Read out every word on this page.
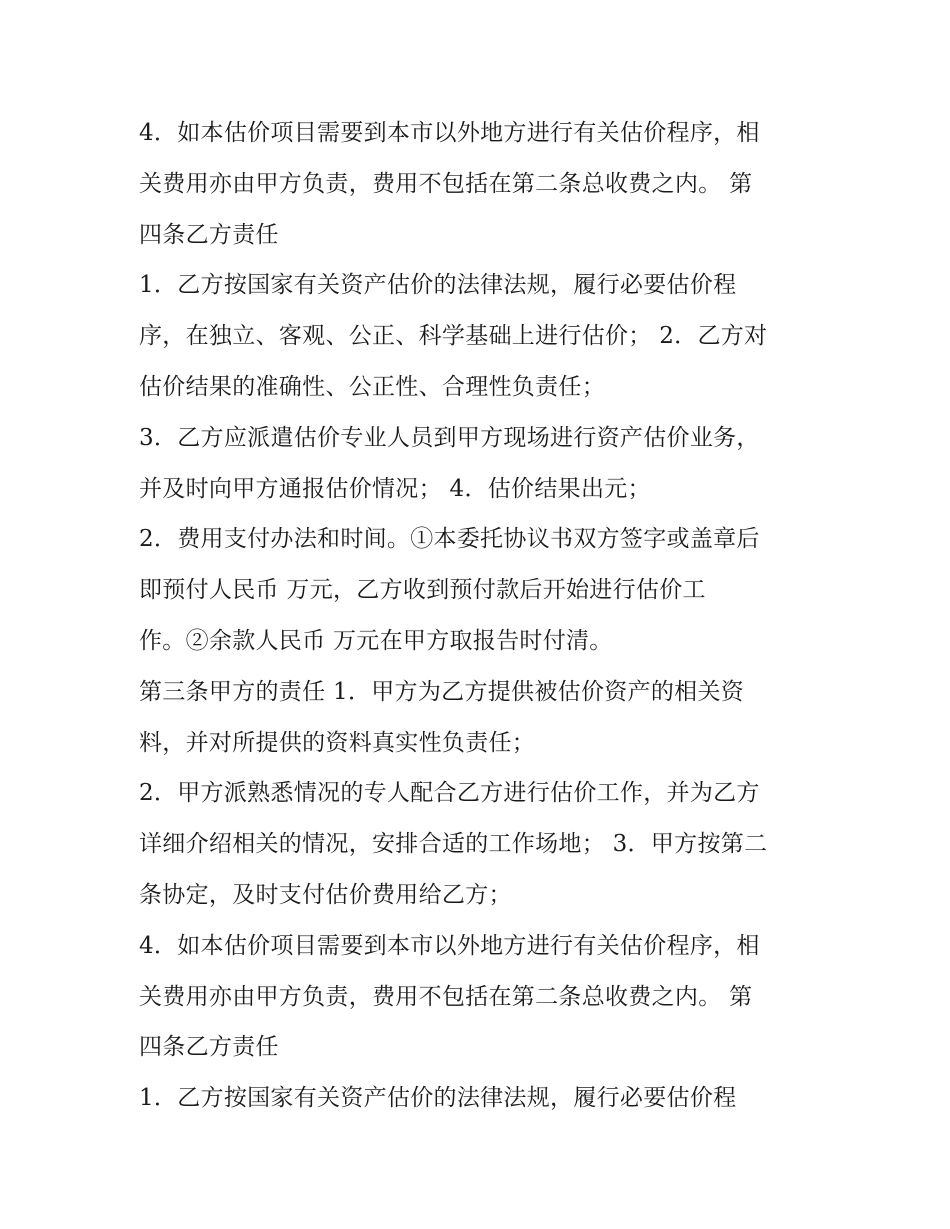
4．如本估价项目需要到本市以外地方进行有关估价程序，相
关费用亦由甲方负责，费用不包括在第二条总收费之内。 第
四条乙方责任
1．乙方按国家有关资产估价的法律法规，履行必要估价程
序，在独立、客观、公正、科学基础上进行估价； 2．乙方对
估价结果的准确性、公正性、合理性负责任；
3．乙方应派遣估价专业人员到甲方现场进行资产估价业务，
并及时向甲方通报估价情况； 4．估价结果出元；
2．费用支付办法和时间。①本委托协议书双方签字或盖章后
即预付人民币 万元，乙方收到预付款后开始进行估价工
作。②余款人民币 万元在甲方取报告时付清。
第三条甲方的责任 1．甲方为乙方提供被估价资产的相关资
料，并对所提供的资料真实性负责任；
2．甲方派熟悉情况的专人配合乙方进行估价工作，并为乙方
详细介绍相关的情况，安排合适的工作场地； 3．甲方按第二
条协定，及时支付估价费用给乙方；
4．如本估价项目需要到本市以外地方进行有关估价程序，相
关费用亦由甲方负责，费用不包括在第二条总收费之内。 第
四条乙方责任
1．乙方按国家有关资产估价的法律法规，履行必要估价程
